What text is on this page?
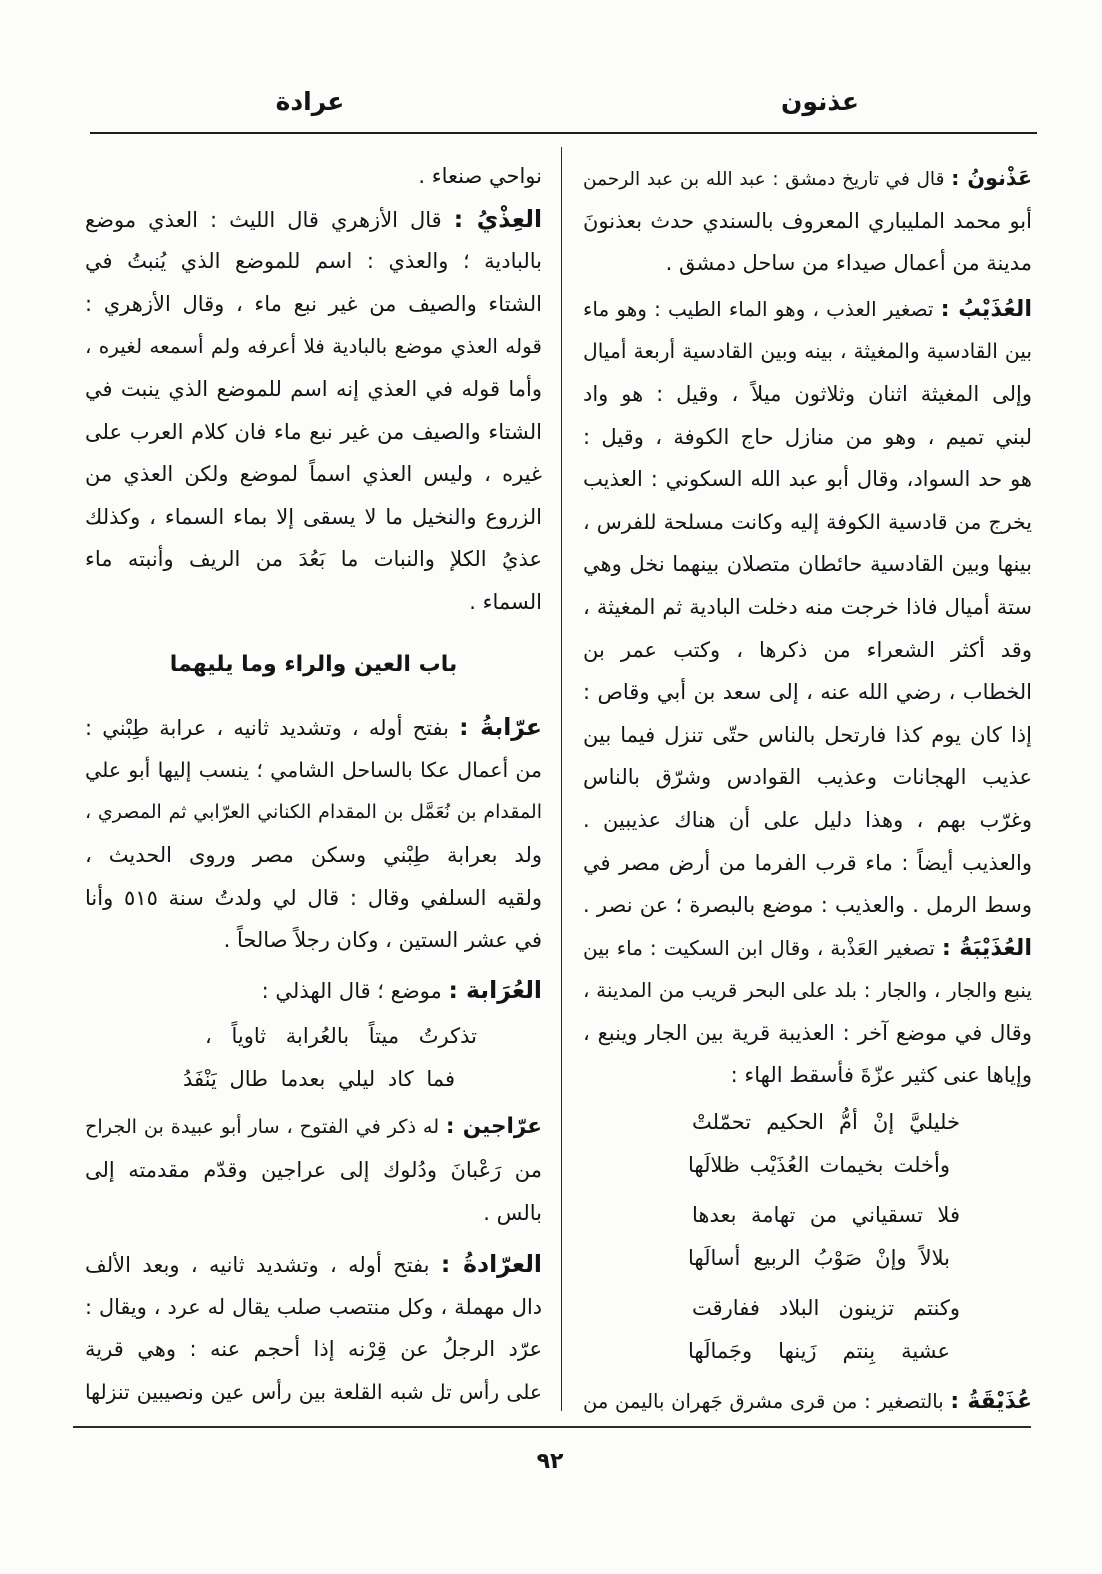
عذنون
عرادة
عَذْنونُ : قال في تاريخ دمشق : عبد الله بن عبد الرحمن
أبو محمد المليباري المعروف بالسندي حدث بعذنونَ
مدينة من أعمال صيداء من ساحل دمشق .
العُذَيْبُ : تصغير العذب ، وهو الماء الطيب : وهو ماء
بين القادسية والمغيثة ، بينه وبين القادسية أربعة أميال
وإلى المغيثة اثنان وثلاثون ميلاً ، وقيل : هو واد
لبني تميم ، وهو من منازل حاج الكوفة ، وقيل :
هو حد السواد، وقال أبو عبد الله السكوني : العذيب
يخرج من قادسية الكوفة إليه وكانت مسلحة للفرس ،
بينها وبين القادسية حائطان متصلان بينهما نخل وهي
ستة أميال فاذا خرجت منه دخلت البادية ثم المغيثة ،
وقد أكثر الشعراء من ذكرها ، وكتب عمر بن
الخطاب ، رضي الله عنه ، إلى سعد بن أبي وقاص :
إذا كان يوم كذا فارتحل بالناس حتّى تنزل فيما بين
عذيب الهجانات وعذيب القوادس وشرّق بالناس
وغرّب بهم ، وهذا دليل على أن هناك عذيبين .
والعذيب أيضاً : ماء قرب الفرما من أرض مصر في
وسط الرمل . والعذيب : موضع بالبصرة ؛ عن نصر .
العُذَيْبَةُ : تصغير العَذْبة ، وقال ابن السكيت : ماء بين
ينبع والجار ، والجار : بلد على البحر قريب من المدينة ،
وقال في موضع آخر : العذيبة قرية بين الجار وينبع ،
وإياها عنى كثير عزّةَ فأسقط الهاء :
خليليَّ إنْ أمُّ الحكيم تحمّلتْ
وأخلت بخيمات العُذَيْب ظلالَها
فلا تسقياني من تهامة بعدها
بلالاً وإنْ صَوْبُ الربيع أسالَها
وكنتم تزينون البلاد ففارقت
عشية بِنتم زَينها وجَمالَها
عُذَيْقَةُ : بالتصغير : من قرى مشرق جَهران باليمن من
نواحي صنعاء .
العِذْيُ : قال الأزهري قال الليث : العذي موضع
بالبادية ؛ والعذي : اسم للموضع الذي يُنبتُ في
الشتاء والصيف من غير نبع ماء ، وقال الأزهري :
قوله العذي موضع بالبادية فلا أعرفه ولم أسمعه لغيره ،
وأما قوله في العذي إنه اسم للموضع الذي ينبت في
الشتاء والصيف من غير نبع ماء فان كلام العرب على
غيره ، وليس العذي اسماً لموضع ولكن العذي من
الزروع والنخيل ما لا يسقى إلا بماء السماء ، وكذلك
عذيُ الكلإ والنبات ما بَعُدَ من الريف وأنبته ماء
السماء .
باب العين والراء وما يليهما
عرّابةُ : بفتح أوله ، وتشديد ثانيه ، عرابة طِبْني :
من أعمال عكا بالساحل الشامي ؛ ينسب إليها أبو علي
المقدام بن نُعَمَّل بن المقدام الكناني العرّابي ثم المصري ،
ولد بعرابة طِبْني وسكن مصر وروى الحديث ،
ولقيه السلفي وقال : قال لي ولدتُ سنة ٥١٥ وأنا
في عشر الستين ، وكان رجلاً صالحاً .
العُرَابة : موضع ؛ قال الهذلي :
تذكرتُ ميتاً بالعُرابة ثاوياً ،
فما كاد ليلي بعدما طال يَنْفَدُ
عرّاجين : له ذكر في الفتوح ، سار أبو عبيدة بن الجراح
من رَعْبانَ ودُلوك إلى عراجين وقدّم مقدمته إلى
بالس .
العرّادةُ : بفتح أوله ، وتشديد ثانيه ، وبعد الألف
دال مهملة ، وكل منتصب صلب يقال له عرد ، ويقال :
عرّد الرجلُ عن قِرْنه إذا أحجم عنه : وهي قرية
على رأس تل شبه القلعة بين رأس عين ونصيبين تنزلها
٩٢
